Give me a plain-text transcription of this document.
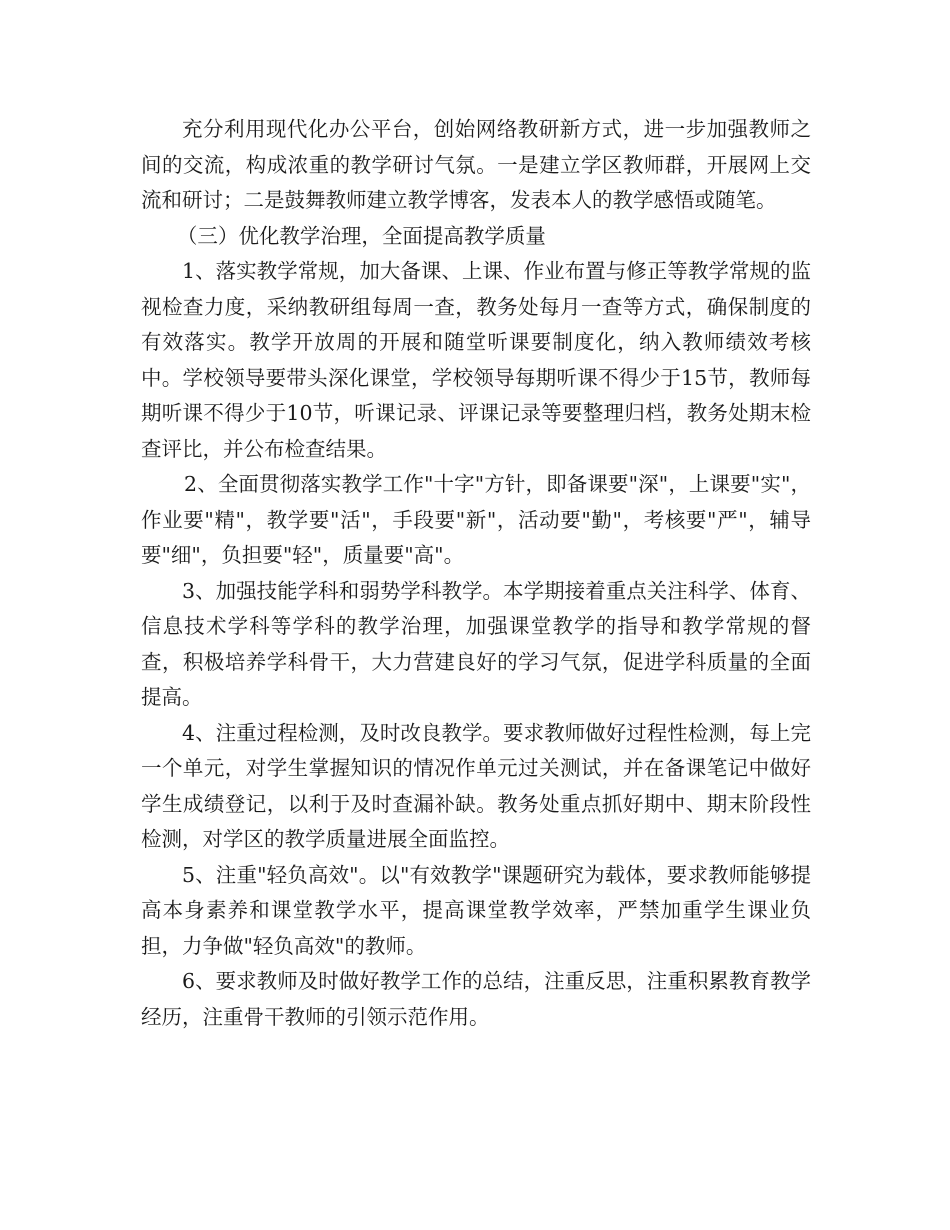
充分利用现代化办公平台，创始网络教研新方式，进一步加强教师之间的交流，构成浓重的教学研讨气氛。一是建立学区教师群，开展网上交流和研讨；二是鼓舞教师建立教学博客，发表本人的教学感悟或随笔。

（三）优化教学治理，全面提高教学质量

1、落实教学常规，加大备课、上课、作业布置与修正等教学常规的监视检查力度，采纳教研组每周一查，教务处每月一查等方式，确保制度的有效落实。教学开放周的开展和随堂听课要制度化，纳入教师绩效考核中。学校领导要带头深化课堂，学校领导每期听课不得少于15节，教师每期听课不得少于10节，听课记录、评课记录等要整理归档，教务处期末检查评比，并公布检查结果。

2、全面贯彻落实教学工作"十字"方针，即备课要"深"，上课要"实"，作业要"精"，教学要"活"，手段要"新"，活动要"勤"，考核要"严"，辅导要"细"，负担要"轻"，质量要"高"。

3、加强技能学科和弱势学科教学。本学期接着重点关注科学、体育、信息技术学科等学科的教学治理，加强课堂教学的指导和教学常规的督查，积极培养学科骨干，大力营建良好的学习气氛，促进学科质量的全面提高。

4、注重过程检测，及时改良教学。要求教师做好过程性检测，每上完一个单元，对学生掌握知识的情况作单元过关测试，并在备课笔记中做好学生成绩登记，以利于及时查漏补缺。教务处重点抓好期中、期末阶段性检测，对学区的教学质量进展全面监控。

5、注重"轻负高效"。以"有效教学"课题研究为载体，要求教师能够提高本身素养和课堂教学水平，提高课堂教学效率，严禁加重学生课业负担，力争做"轻负高效"的教师。

6、要求教师及时做好教学工作的总结，注重反思，注重积累教育教学经历，注重骨干教师的引领示范作用。
